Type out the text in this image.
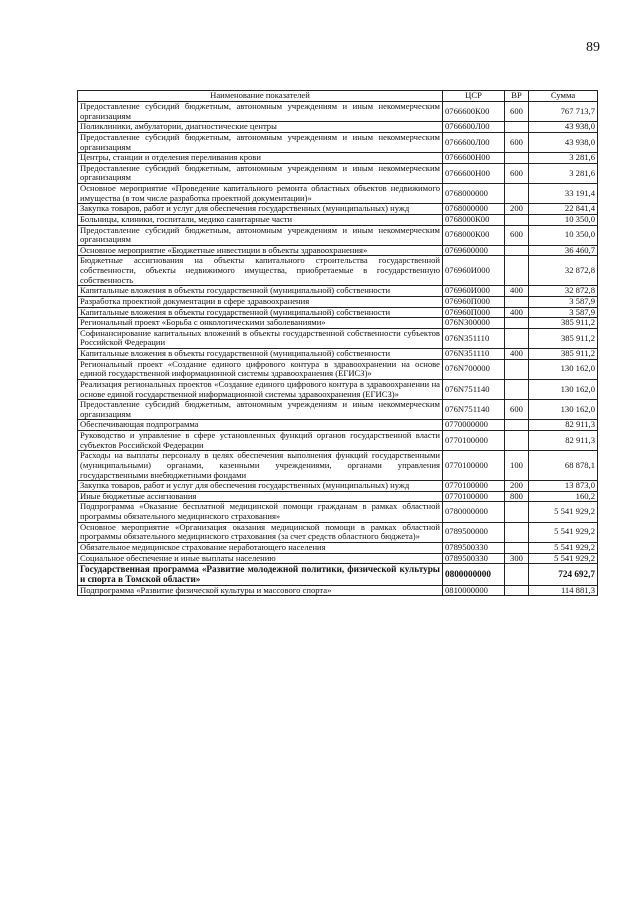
89
Наименование показателей	ЦСР	ВР	Сумма
Предоставление субсидий бюджетным, автономным учреждениям и иным некоммерческим организациям	0766600К00	600	767 713,7
Поликлиники, амбулатории, диагностические центры	0766600Л00		43 938,0
Предоставление субсидий бюджетным, автономным учреждениям и иным некоммерческим организациям	0766600Л00	600	43 938,0
Центры, станции и отделения переливания крови	0766600Н00		3 281,6
Предоставление субсидий бюджетным, автономным учреждениям и иным некоммерческим организациям	0766600Н00	600	3 281,6
Основное мероприятие «Проведение капитального ремонта областных объектов недвижимого имущества (в том числе разработка проектной документации)»	0768000000		33 191,4
Закупка товаров, работ и услуг для обеспечения государственных (муниципальных) нужд	0768000000	200	22 841,4
Больницы, клиники, госпитали, медико санитарные части	0768000К00		10 350,0
Предоставление субсидий бюджетным, автономным учреждениям и иным некоммерческим организациям	0768000К00	600	10 350,0
Основное мероприятие «Бюджетные инвестиции в объекты здравоохранения»	0769600000		36 460,7
Бюджетные ассигнования на объекты капитального строительства государственной собственности, объекты недвижимого имущества, приобретаемые в государственную собственность	076960И000		32 872,8
Капитальные вложения в объекты государственной (муниципальной) собственности	076960И000	400	32 872,8
Разработка проектной документации в сфере здравоохранения	076960П000		3 587,9
Капитальные вложения в объекты государственной (муниципальной) собственности	076960П000	400	3 587,9
Региональный проект «Борьба с онкологическими заболеваниями»	076N300000		385 911,2
Софинансирование капитальных вложений в объекты государственной собственности субъектов Российской Федерации	076N351110		385 911,2
Капитальные вложения в объекты государственной (муниципальной) собственности	076N351110	400	385 911,2
Региональный проект «Создание единого цифрового контура в здравоохранении на основе единой государственной информационной системы здравоохранения (ЕГИСЗ)»	076N700000		130 162,0
Реализация региональных проектов «Создание единого цифрового контура в здравоохранении на основе единой государственной информационной системы здравоохранения (ЕГИСЗ)»	076N751140		130 162,0
Предоставление субсидий бюджетным, автономным учреждениям и иным некоммерческим организациям	076N751140	600	130 162,0
Обеспечивающая подпрограмма	0770000000		82 911,3
Руководство и управление в сфере установленных функций органов государственной власти субъектов Российской Федерации	0770100000		82 911,3
Расходы на выплаты персоналу в целях обеспечения выполнения функций государственными (муниципальными) органами, казенными учреждениями, органами управления государственными внебюджетными фондами	0770100000	100	68 878,1
Закупка товаров, работ и услуг для обеспечения государственных (муниципальных) нужд	0770100000	200	13 873,0
Иные бюджетные ассигнования	0770100000	800	160,2
Подпрограмма «Оказание бесплатной медицинской помощи гражданам в рамках областной программы обязательного медицинского страхования»	0780000000		5 541 929,2
Основное мероприятие «Организация оказания медицинской помощи в рамках областной программы обязательного медицинского страхования (за счет средств областного бюджета)»	0789500000		5 541 929,2
Обязательное медицинское страхование неработающего населения	0789500330		5 541 929,2
Социальное обеспечение и иные выплаты населению	0789500330	300	5 541 929,2
Государственная программа «Развитие молодежной политики, физической культуры и спорта в Томской области»	0800000000		724 692,7
Подпрограмма «Развитие физической культуры и массового спорта»	0810000000		114 881,3
